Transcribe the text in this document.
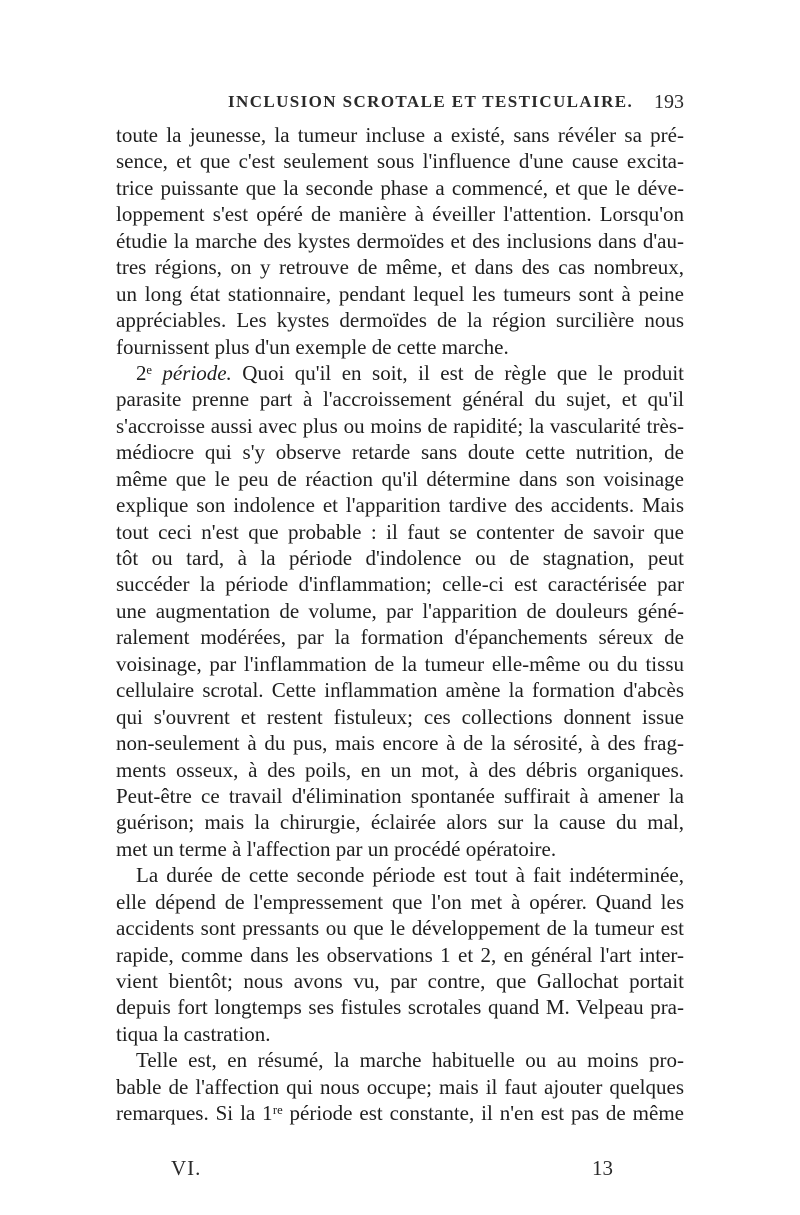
INCLUSION SCROTALE ET TESTICULAIRE. 193
toute la jeunesse, la tumeur incluse a existé, sans révéler sa pré-
sence, et que c'est seulement sous l'influence d'une cause excita-
trice puissante que la seconde phase a commencé, et que le déve-
loppement s'est opéré de manière à éveiller l'attention. Lorsqu'on
étudie la marche des kystes dermoïdes et des inclusions dans d'au-
tres régions, on y retrouve de même, et dans des cas nombreux,
un long état stationnaire, pendant lequel les tumeurs sont à peine
appréciables. Les kystes dermoïdes de la région surcilière nous
fournissent plus d'un exemple de cette marche.
2ᵉ période. Quoi qu'il en soit, il est de règle que le produit
parasite prenne part à l'accroissement général du sujet, et qu'il
s'accroisse aussi avec plus ou moins de rapidité; la vascularité très-
médiocre qui s'y observe retarde sans doute cette nutrition, de
même que le peu de réaction qu'il détermine dans son voisinage
explique son indolence et l'apparition tardive des accidents. Mais
tout ceci n'est que probable : il faut se contenter de savoir que
tôt ou tard, à la période d'indolence ou de stagnation, peut
succéder la période d'inflammation; celle-ci est caractérisée par
une augmentation de volume, par l'apparition de douleurs géné-
ralement modérées, par la formation d'épanchements séreux de
voisinage, par l'inflammation de la tumeur elle-même ou du tissu
cellulaire scrotal. Cette inflammation amène la formation d'abcès
qui s'ouvrent et restent fistuleux; ces collections donnent issue
non-seulement à du pus, mais encore à de la sérosité, à des frag-
ments osseux, à des poils, en un mot, à des débris organiques.
Peut-être ce travail d'élimination spontanée suffirait à amener la
guérison; mais la chirurgie, éclairée alors sur la cause du mal,
met un terme à l'affection par un procédé opératoire.
La durée de cette seconde période est tout à fait indéterminée,
elle dépend de l'empressement que l'on met à opérer. Quand les
accidents sont pressants ou que le développement de la tumeur est
rapide, comme dans les observations 1 et 2, en général l'art inter-
vient bientôt; nous avons vu, par contre, que Gallochat portait
depuis fort longtemps ses fistules scrotales quand M. Velpeau pra-
tiqua la castration.
Telle est, en résumé, la marche habituelle ou au moins pro-
bable de l'affection qui nous occupe; mais il faut ajouter quelques
remarques. Si la 1ʳᵉ période est constante, il n'en est pas de même
VI.	13
